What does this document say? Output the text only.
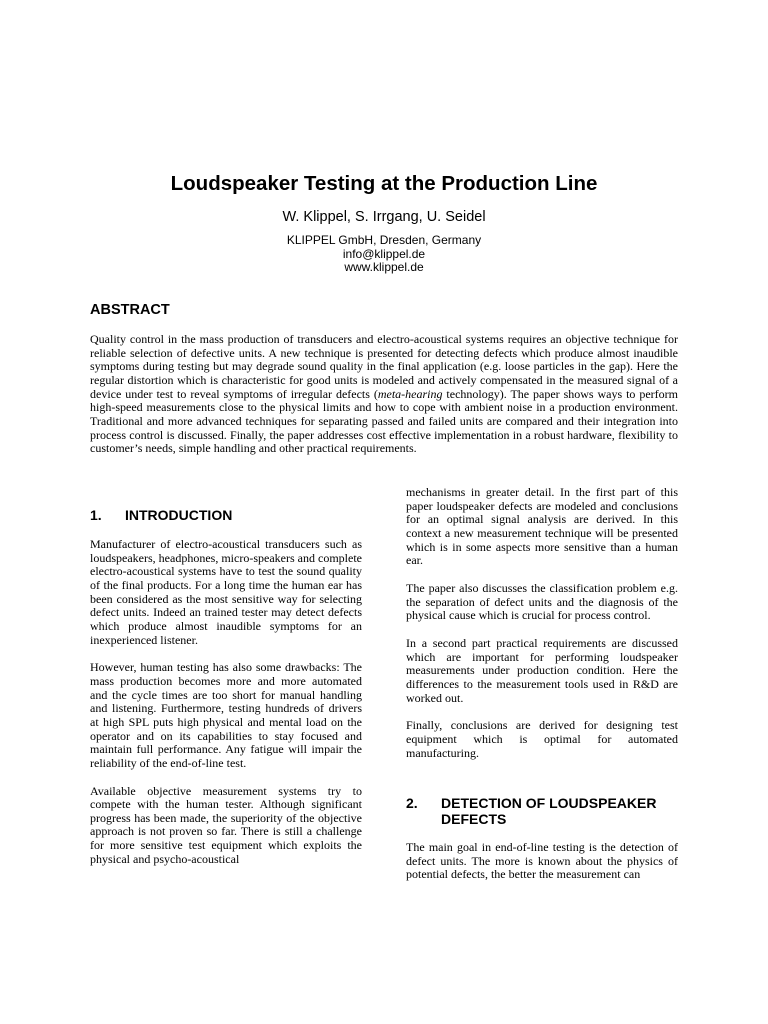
Loudspeaker Testing at the Production Line
W. Klippel, S. Irrgang, U. Seidel
KLIPPEL GmbH, Dresden, Germany
info@klippel.de
www.klippel.de
ABSTRACT

Quality control in the mass production of transducers and electro-acoustical systems requires an objective technique for reliable selection of defective units. A new technique is presented for detecting defects which produce almost inaudible symptoms during testing but may degrade sound quality in the final application (e.g. loose particles in the gap). Here the regular distortion which is characteristic for good units is modeled and actively compensated in the measured signal of a device under test to reveal symptoms of irregular defects (meta-hearing technology). The paper shows ways to perform high-speed measurements close to the physical limits and how to cope with ambient noise in a production environment. Traditional and more advanced techniques for separating passed and failed units are compared and their integration into process control is discussed. Finally, the paper addresses cost effective implementation in a robust hardware, flexibility to customer’s needs, simple handling and other practical requirements.

1. INTRODUCTION

Manufacturer of electro-acoustical transducers such as loudspeakers, headphones, micro-speakers and complete electro-acoustical systems have to test the sound quality of the final products. For a long time the human ear has been considered as the most sensitive way for selecting defect units. Indeed an trained tester may detect defects which produce almost inaudible symptoms for an inexperienced listener.

However, human testing has also some drawbacks: The mass production becomes more and more automated and the cycle times are too short for manual handling and listening. Furthermore, testing hundreds of drivers at high SPL puts high physical and mental load on the operator and on its capabilities to stay focused and maintain full performance. Any fatigue will impair the reliability of the end-of-line test.

Available objective measurement systems try to compete with the human tester. Although significant progress has been made, the superiority of the objective approach is not proven so far. There is still a challenge for more sensitive test equipment which exploits the physical and psycho-acoustical

mechanisms in greater detail. In the first part of this paper loudspeaker defects are modeled and conclusions for an optimal signal analysis are derived. In this context a new measurement technique will be presented which is in some aspects more sensitive than a human ear.

The paper also discusses the classification problem e.g. the separation of defect units and the diagnosis of the physical cause which is crucial for process control.

In a second part practical requirements are discussed which are important for performing loudspeaker measurements under production condition. Here the differences to the measurement tools used in R&D are worked out.

Finally, conclusions are derived for designing test equipment which is optimal for automated manufacturing.

2. DETECTION OF LOUDSPEAKER
DEFECTS

The main goal in end-of-line testing is the detection of defect units. The more is known about the physics of potential defects, the better the measurement can
